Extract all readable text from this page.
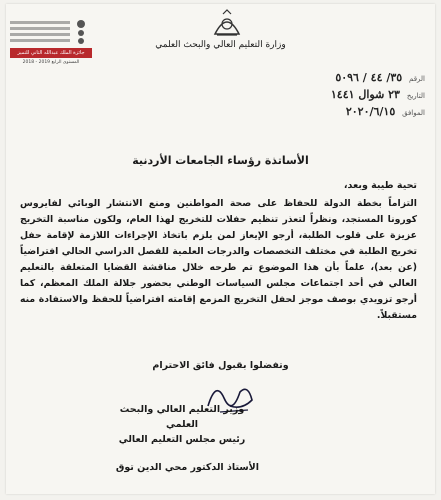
جائزة الملك عبدالله الثاني للتميز
المستوى الرابع 2019 - 2018
وزارة التعليم العالي والبحث العلمي
الرقم ٣٥/ ٤٤ / ٥٠٩٦
التاريخ ٢٣ شوال ١٤٤١
الموافق ٢٠٢٠/٦/١٥
الأساتذة رؤساء الجامعات الأردنية
تحية طيبة وبعد،

التزاماً بخطة الدولة للحفاظ على صحة المواطنين ومنع الانتشار الوبائي لفايروس كورونا المستجد، ونظراً لتعذر تنظيم حفلات للتخريج لهذا العام، ولكون مناسبة التخريج عزيزة على قلوب الطلبة، أرجو الإيعاز لمن يلزم باتخاذ الإجراءات اللازمة لإقامة حفل تخريج الطلبة في مختلف التخصصات والدرجات العلمية للفصل الدراسي الحالي افتراضياً (عن بعد)، علماً بأن هذا الموضوع تم طرحه خلال مناقشة القضايا المتعلقة بالتعليم العالي في أحد اجتماعات مجلس السياسات الوطني بحضور جلالة الملك المعظم، كما أرجو تزويدي بوصف موجز لحفل التخريج المزمع إقامته افتراضياً للحفظ والاستفادة منه مستقبلاً.

وتفضلوا بقبول فائق الاحترام
وزير التعليم العالي والبحث العلمي
رئيس مجلس التعليم العالي
الأستاذ الدكتور محي الدين توق
